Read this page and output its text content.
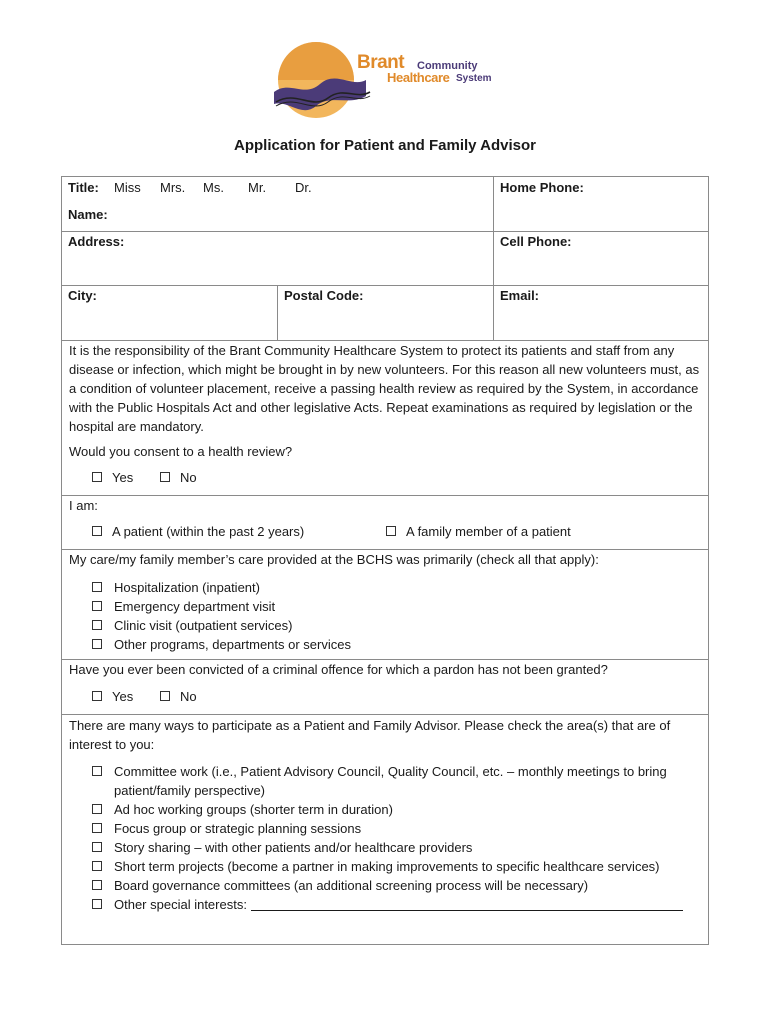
Brant Community
Healthcare System
Application for Patient and Family Advisor
Title: Miss Mrs. Ms. Mr. Dr.	Home Phone:
Name:
Address:	Cell Phone:
City:	Postal Code:	Email:
It is the responsibility of the Brant Community Healthcare System to protect its patients and staff from any disease or infection, which might be brought in by new volunteers. For this reason all new volunteers must, as a condition of volunteer placement, receive a passing health review as required by the System, in accordance with the Public Hospitals Act and other legislative Acts. Repeat examinations as required by legislation or the hospital are mandatory.
Would you consent to a health review?
Yes	No
I am:
A patient (within the past 2 years)	A family member of a patient
My care/my family member’s care provided at the BCHS was primarily (check all that apply):
Hospitalization (inpatient)
Emergency department visit
Clinic visit (outpatient services)
Other programs, departments or services
Have you ever been convicted of a criminal offence for which a pardon has not been granted?
Yes	No
There are many ways to participate as a Patient and Family Advisor. Please check the area(s) that are of interest to you:
Committee work (i.e., Patient Advisory Council, Quality Council, etc. – monthly meetings to bring patient/family perspective)
Ad hoc working groups (shorter term in duration)
Focus group or strategic planning sessions
Story sharing – with other patients and/or healthcare providers
Short term projects (become a partner in making improvements to specific healthcare services)
Board governance committees (an additional screening process will be necessary)
Other special interests:
